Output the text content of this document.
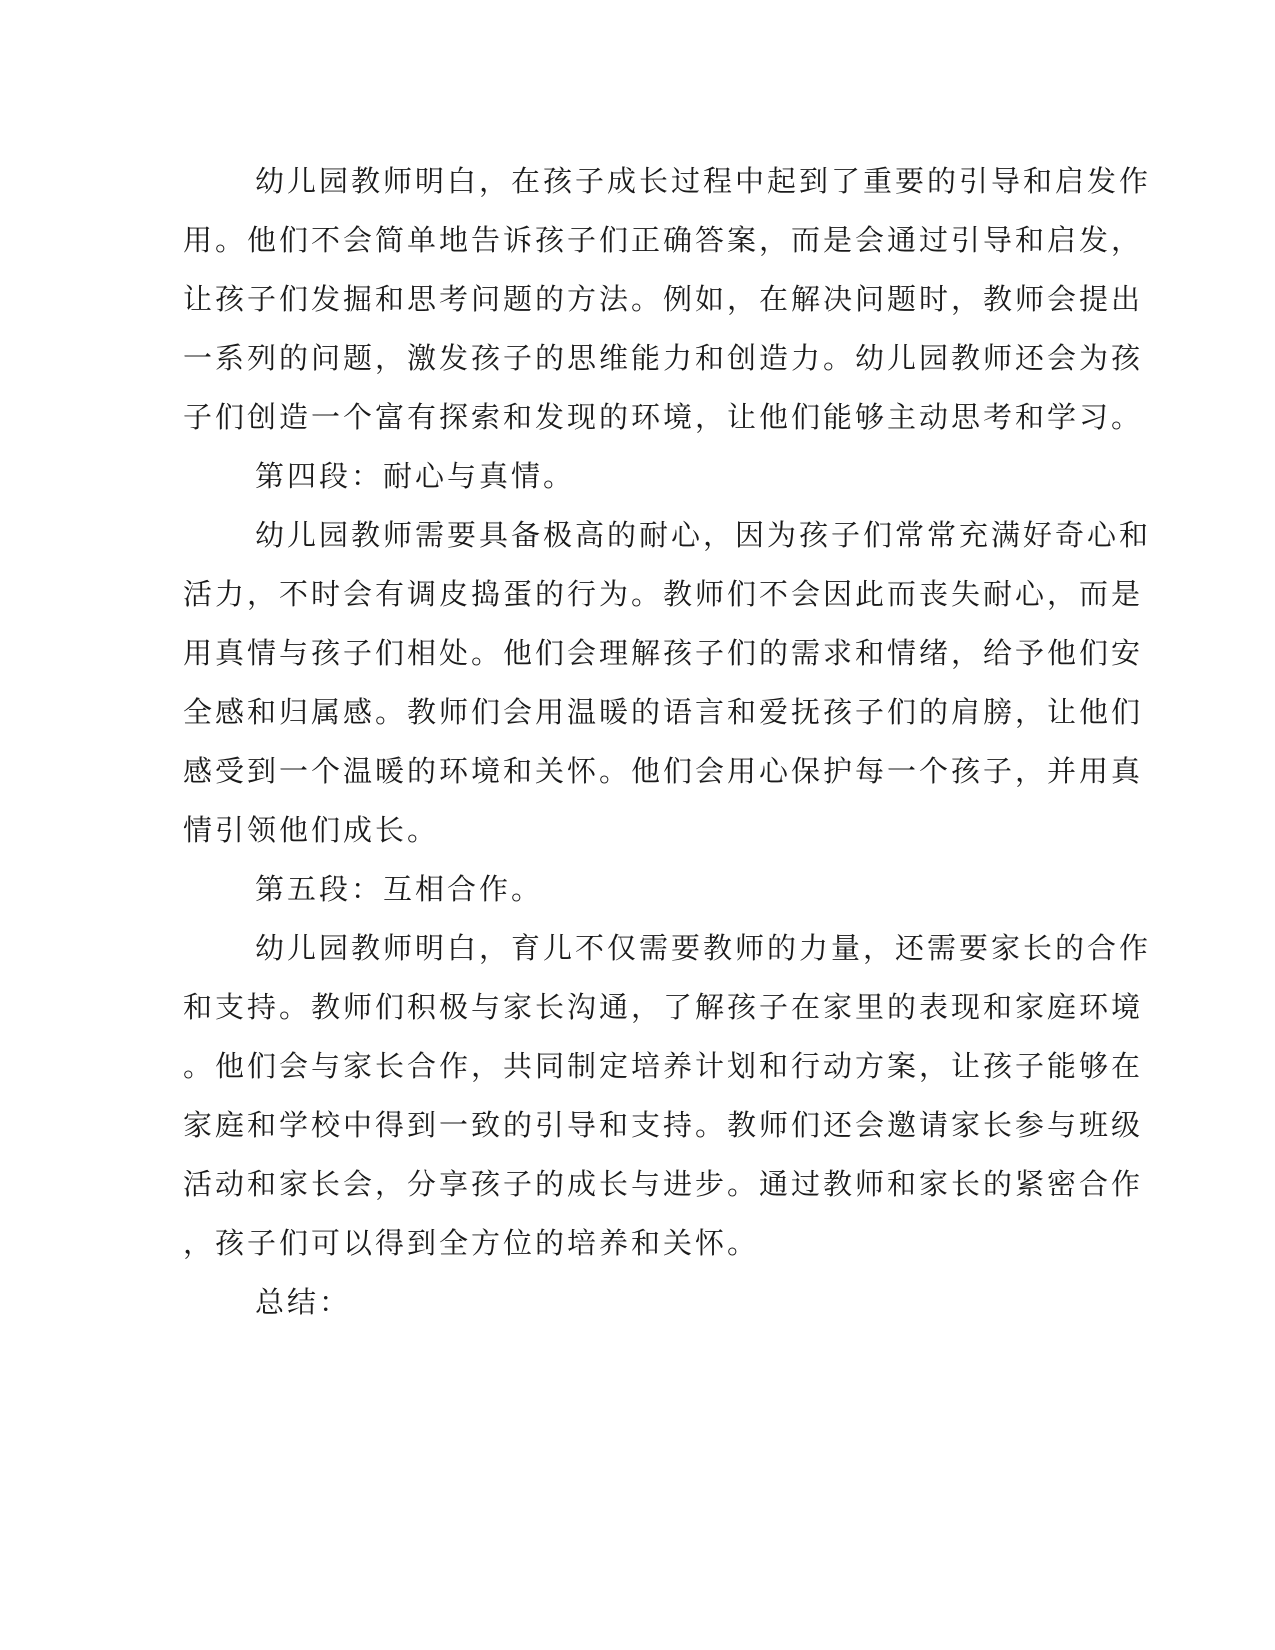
幼儿园教师明白，在孩子成长过程中起到了重要的引导和启发作
用。他们不会简单地告诉孩子们正确答案，而是会通过引导和启发，
让孩子们发掘和思考问题的方法。例如，在解决问题时，教师会提出
一系列的问题，激发孩子的思维能力和创造力。幼儿园教师还会为孩
子们创造一个富有探索和发现的环境，让他们能够主动思考和学习。
第四段：耐心与真情。
幼儿园教师需要具备极高的耐心，因为孩子们常常充满好奇心和
活力，不时会有调皮捣蛋的行为。教师们不会因此而丧失耐心，而是
用真情与孩子们相处。他们会理解孩子们的需求和情绪，给予他们安
全感和归属感。教师们会用温暖的语言和爱抚孩子们的肩膀，让他们
感受到一个温暖的环境和关怀。他们会用心保护每一个孩子，并用真
情引领他们成长。
第五段：互相合作。
幼儿园教师明白，育儿不仅需要教师的力量，还需要家长的合作
和支持。教师们积极与家长沟通，了解孩子在家里的表现和家庭环境
。他们会与家长合作，共同制定培养计划和行动方案，让孩子能够在
家庭和学校中得到一致的引导和支持。教师们还会邀请家长参与班级
活动和家长会，分享孩子的成长与进步。通过教师和家长的紧密合作
，孩子们可以得到全方位的培养和关怀。
总结：
